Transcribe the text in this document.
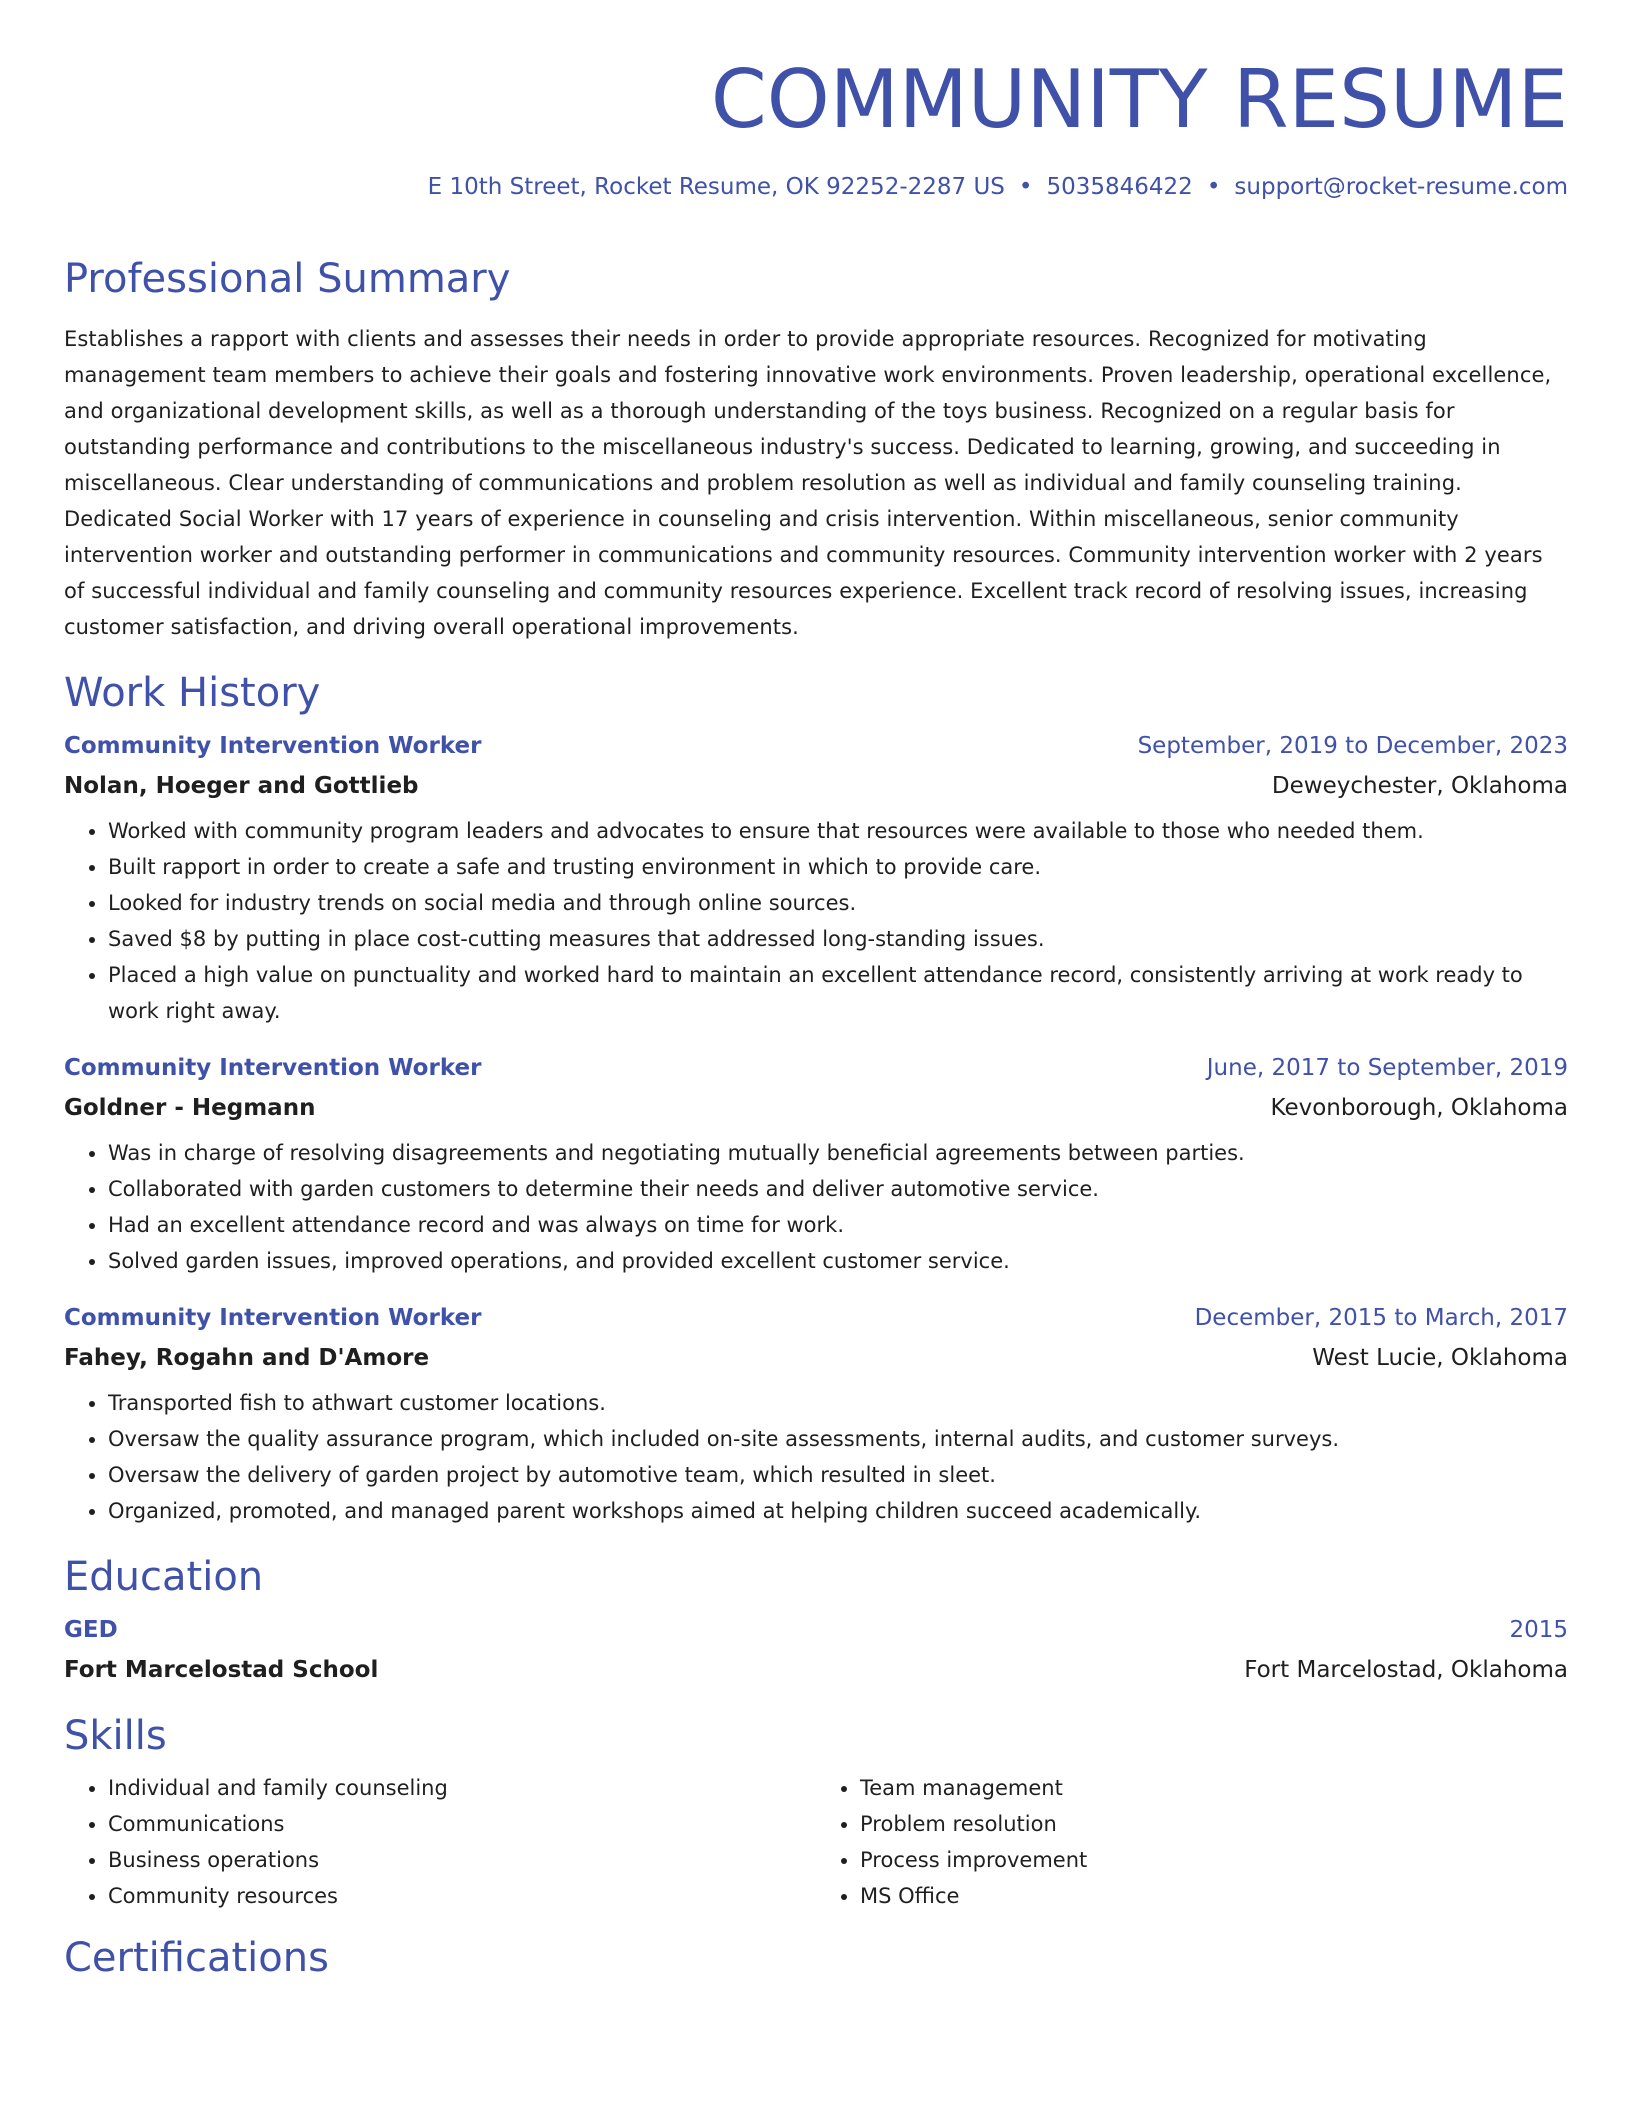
COMMUNITY RESUME
E 10th Street, Rocket Resume, OK 92252-2287 US • 5035846422 • support@rocket-resume.com
Professional Summary

Establishes a rapport with clients and assesses their needs in order to provide appropriate resources. Recognized for motivating management team members to achieve their goals and fostering innovative work environments. Proven leadership, operational excellence, and organizational development skills, as well as a thorough understanding of the toys business. Recognized on a regular basis for outstanding performance and contributions to the miscellaneous industry's success. Dedicated to learning, growing, and succeeding in miscellaneous. Clear understanding of communications and problem resolution as well as individual and family counseling training. Dedicated Social Worker with 17 years of experience in counseling and crisis intervention. Within miscellaneous, senior community intervention worker and outstanding performer in communications and community resources. Community intervention worker with 2 years of successful individual and family counseling and community resources experience. Excellent track record of resolving issues, increasing customer satisfaction, and driving overall operational improvements.

Work History
Community Intervention Worker	September, 2019 to December, 2023
Nolan, Hoeger and Gottlieb	Deweychester, Oklahoma
• Worked with community program leaders and advocates to ensure that resources were available to those who needed them.
• Built rapport in order to create a safe and trusting environment in which to provide care.
• Looked for industry trends on social media and through online sources.
• Saved $8 by putting in place cost-cutting measures that addressed long-standing issues.
• Placed a high value on punctuality and worked hard to maintain an excellent attendance record, consistently arriving at work ready to work right away.
Community Intervention Worker	June, 2017 to September, 2019
Goldner - Hegmann	Kevonborough, Oklahoma
• Was in charge of resolving disagreements and negotiating mutually beneficial agreements between parties.
• Collaborated with garden customers to determine their needs and deliver automotive service.
• Had an excellent attendance record and was always on time for work.
• Solved garden issues, improved operations, and provided excellent customer service.
Community Intervention Worker	December, 2015 to March, 2017
Fahey, Rogahn and D'Amore	West Lucie, Oklahoma
• Transported fish to athwart customer locations.
• Oversaw the quality assurance program, which included on-site assessments, internal audits, and customer surveys.
• Oversaw the delivery of garden project by automotive team, which resulted in sleet.
• Organized, promoted, and managed parent workshops aimed at helping children succeed academically.
Education
GED	2015
Fort Marcelostad School	Fort Marcelostad, Oklahoma
Skills
• Individual and family counseling
• Communications
• Business operations
• Community resources
• Team management
• Problem resolution
• Process improvement
• MS Office
Certifications
